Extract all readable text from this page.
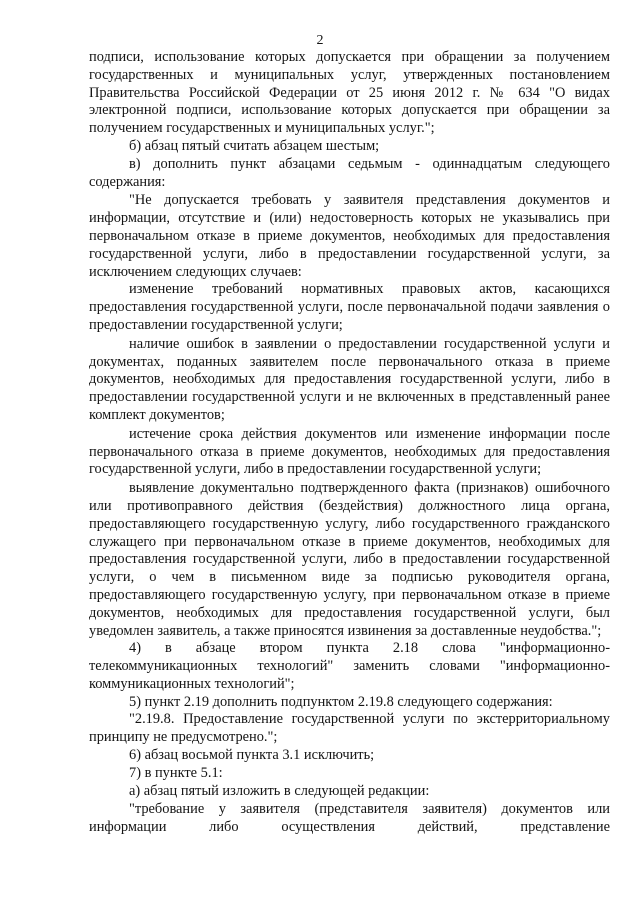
2

подписи, использование которых допускается при обращении за получением государственных и муниципальных услуг, утвержденных постановлением Правительства Российской Федерации от 25 июня 2012 г. № 634 "О видах электронной подписи, использование которых допускается при обращении за получением государственных и муниципальных услуг.";

б) абзац пятый считать абзацем шестым;

в) дополнить пункт абзацами седьмым - одиннадцатым следующего содержания:

"Не допускается требовать у заявителя представления документов и информации, отсутствие и (или) недостоверность которых не указывались при первоначальном отказе в приеме документов, необходимых для предоставления государственной услуги, либо в предоставлении государственной услуги, за исключением следующих случаев:

изменение требований нормативных правовых актов, касающихся предоставления государственной услуги, после первоначальной подачи заявления о предоставлении государственной услуги;

наличие ошибок в заявлении о предоставлении государственной услуги и документах, поданных заявителем после первоначального отказа в приеме документов, необходимых для предоставления государственной услуги, либо в предоставлении государственной услуги и не включенных в представленный ранее комплект документов;

истечение срока действия документов или изменение информации после первоначального отказа в приеме документов, необходимых для предоставления государственной услуги, либо в предоставлении государственной услуги;

выявление документально подтвержденного факта (признаков) ошибочного или противоправного действия (бездействия) должностного лица органа, предоставляющего государственную услугу, либо государственного гражданского служащего при первоначальном отказе в приеме документов, необходимых для предоставления государственной услуги, либо в предоставлении государственной услуги, о чем в письменном виде за подписью руководителя органа, предоставляющего государственную услугу, при первоначальном отказе в приеме документов, необходимых для предоставления государственной услуги, был уведомлен заявитель, а также приносятся извинения за доставленные неудобства.";

4) в абзаце втором пункта 2.18 слова "информационно-телекоммуникационных технологий" заменить словами "информационно-коммуникационных технологий";

5) пункт 2.19 дополнить подпунктом 2.19.8 следующего содержания:

"2.19.8. Предоставление государственной услуги по экстерриториальному принципу не предусмотрено.";

6) абзац восьмой пункта 3.1 исключить;

7) в пункте 5.1:

а) абзац пятый изложить в следующей редакции:

"требование у заявителя (представителя заявителя) документов или информации либо осуществления действий, представление
